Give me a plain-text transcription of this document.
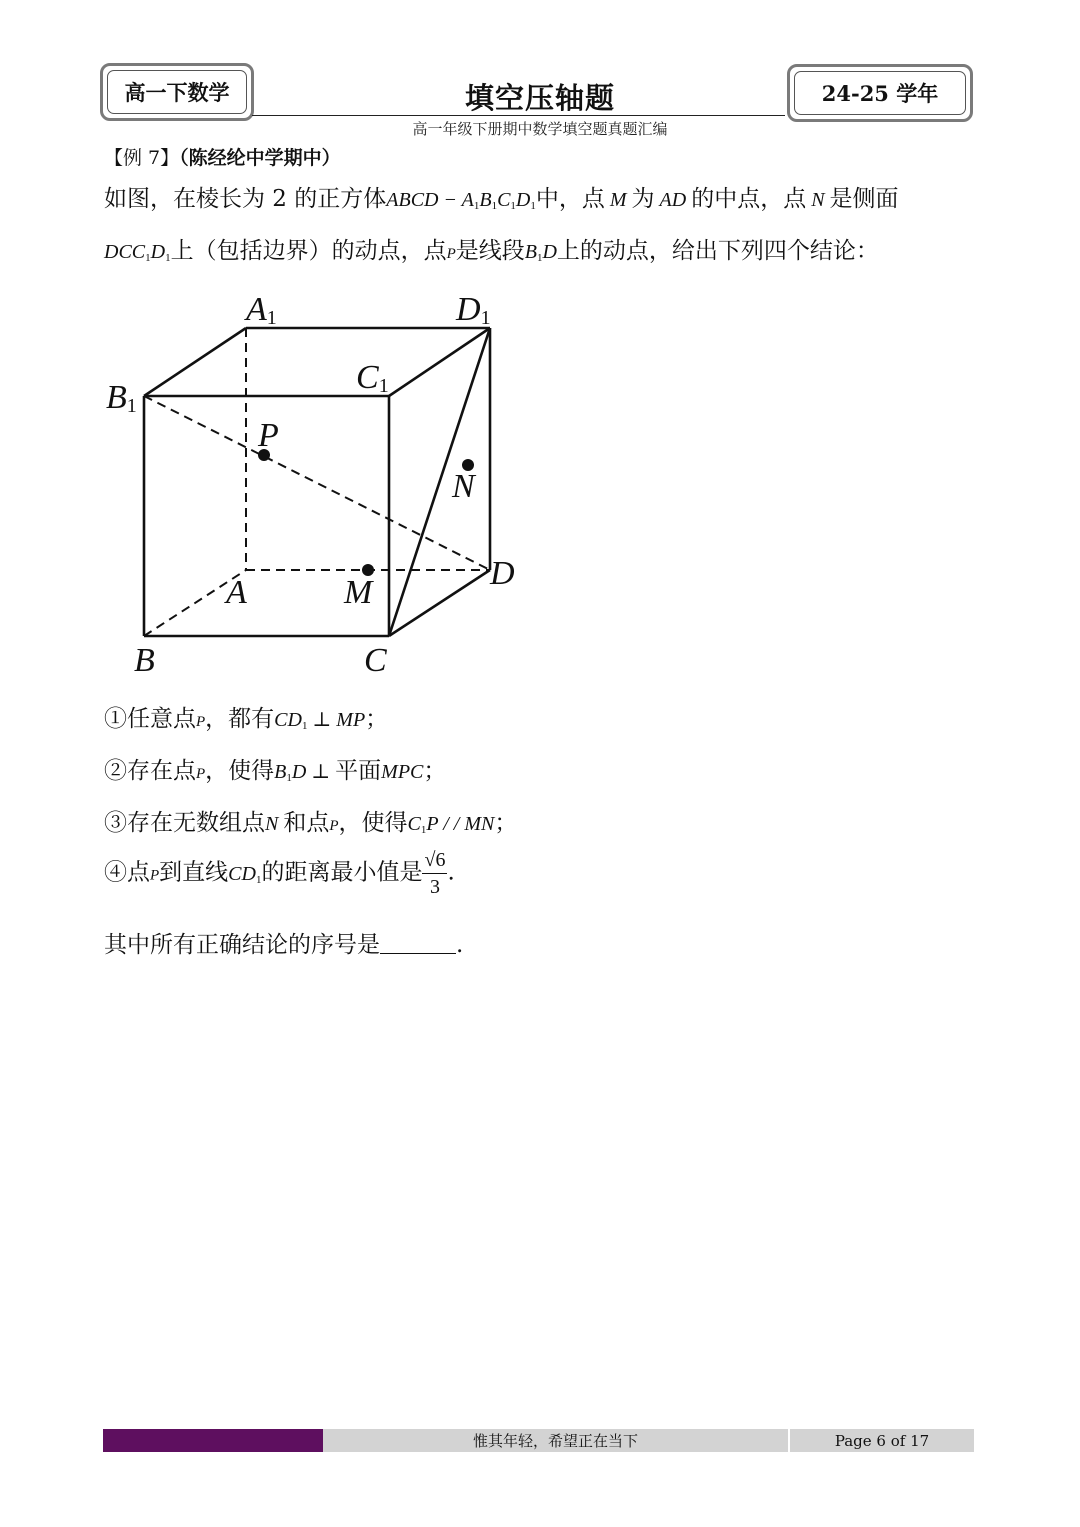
高一下数学	填空压轴题	24-25 学年
高一年级下册期中数学填空题真题汇编
【例 7】（陈经纶中学期中）
如图，在棱长为 2 的正方体ABCD − $A_1B_1C_1D_1$中，点 M 为 AD 的中点，点 N 是侧面
$DCC_1D_1$上（包括边界）的动点，点P是线段$B_1D$上的动点，给出下列四个结论：
A1	D1
C1
B1
P
N
A	M
D
B	C
①任意点P，都有$CD_1$ ⊥ MP；
②存在点P，使得$B_1D$ ⊥ 平面MPC；
③存在无数组点N 和点P，使得$C_1P$ / / MN；
④点P到直线$CD_1$的距离最小值是 $\frac{√6}{3}$ .
其中所有正确结论的序号是	.
惟其年轻，希望正在当下	Page 6 of 17
